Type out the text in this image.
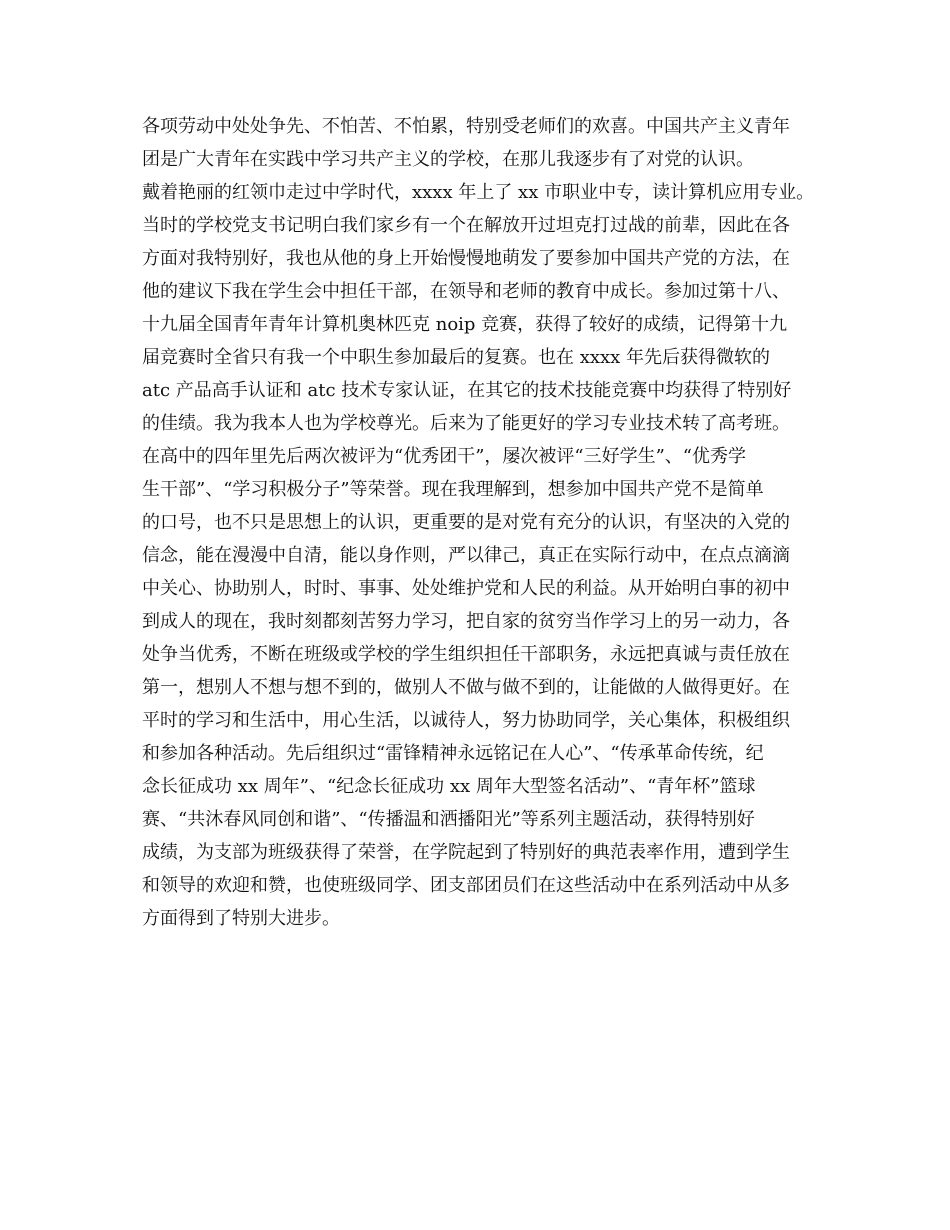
各项劳动中处处争先、不怕苦、不怕累，特别受老师们的欢喜。中国共产主义青年
团是广大青年在实践中学习共产主义的学校，在那儿我逐步有了对党的认识。
戴着艳丽的红领巾走过中学时代，xxxx 年上了 xx 市职业中专，读计算机应用专业。
当时的学校党支书记明白我们家乡有一个在解放开过坦克打过战的前辈，因此在各
方面对我特别好，我也从他的身上开始慢慢地萌发了要参加中国共产党的方法，在
他的建议下我在学生会中担任干部，在领导和老师的教育中成长。参加过第十八、
十九届全国青年青年计算机奥林匹克 noip 竞赛，获得了较好的成绩，记得第十九
届竞赛时全省只有我一个中职生参加最后的复赛。也在 xxxx 年先后获得微软的
atc 产品高手认证和 atc 技术专家认证，在其它的技术技能竞赛中均获得了特别好
的佳绩。我为我本人也为学校尊光。后来为了能更好的学习专业技术转了高考班。
在高中的四年里先后两次被评为“优秀团干”，屡次被评“三好学生”、“优秀学
生干部”、“学习积极分子”等荣誉。现在我理解到，想参加中国共产党不是简单
的口号，也不只是思想上的认识，更重要的是对党有充分的认识，有坚决的入党的
信念，能在漫漫中自清，能以身作则，严以律己，真正在实际行动中，在点点滴滴
中关心、协助别人，时时、事事、处处维护党和人民的利益。从开始明白事的初中
到成人的现在，我时刻都刻苦努力学习，把自家的贫穷当作学习上的另一动力，各
处争当优秀，不断在班级或学校的学生组织担任干部职务，永远把真诚与责任放在
第一，想别人不想与想不到的，做别人不做与做不到的，让能做的人做得更好。在
平时的学习和生活中，用心生活，以诚待人，努力协助同学，关心集体，积极组织
和参加各种活动。先后组织过“雷锋精神永远铭记在人心”、“传承革命传统，纪
念长征成功 xx 周年”、“纪念长征成功 xx 周年大型签名活动”、“青年杯”篮球
赛、“共沐春风同创和谐”、“传播温和洒播阳光”等系列主题活动，获得特别好
成绩，为支部为班级获得了荣誉，在学院起到了特别好的典范表率作用，遭到学生
和领导的欢迎和赞，也使班级同学、团支部团员们在这些活动中在系列活动中从多
方面得到了特别大进步。
